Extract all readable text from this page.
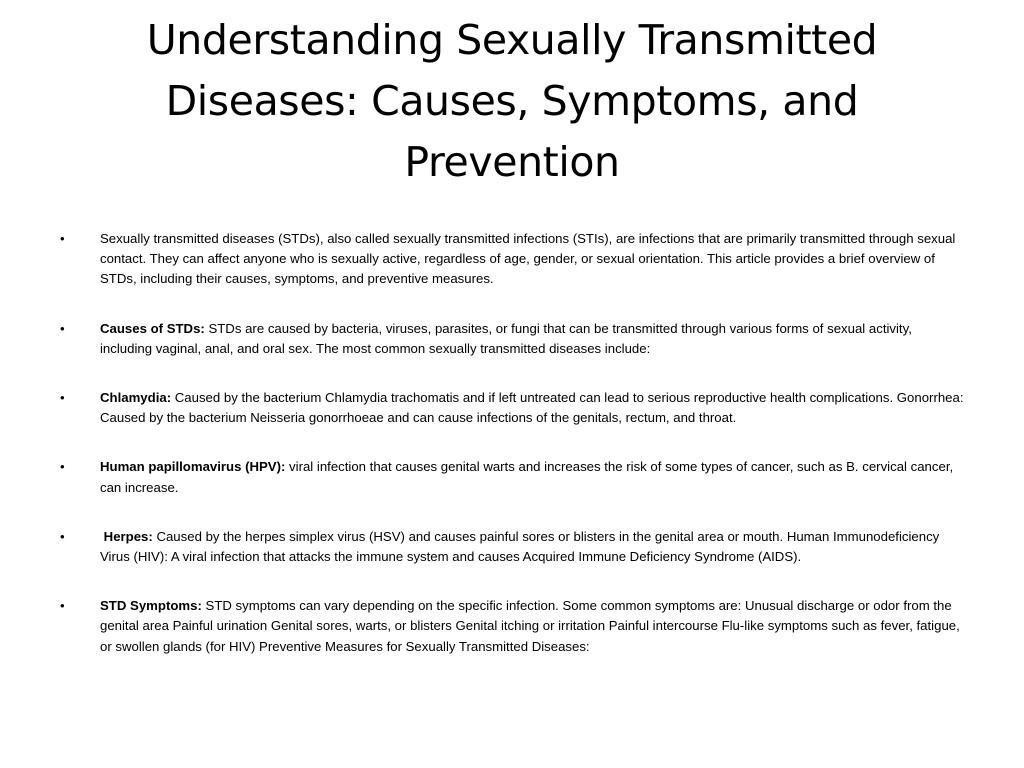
Understanding Sexually Transmitted Diseases: Causes, Symptoms, and Prevention
•	Sexually transmitted diseases (STDs), also called sexually transmitted infections (STIs), are infections that are primarily transmitted through sexual contact. They can affect anyone who is sexually active, regardless of age, gender, or sexual orientation. This article provides a brief overview of STDs, including their causes, symptoms, and preventive measures.
•	Causes of STDs: STDs are caused by bacteria, viruses, parasites, or fungi that can be transmitted through various forms of sexual activity, including vaginal, anal, and oral sex. The most common sexually transmitted diseases include:
•	Chlamydia: Caused by the bacterium Chlamydia trachomatis and if left untreated can lead to serious reproductive health complications. Gonorrhea: Caused by the bacterium Neisseria gonorrhoeae and can cause infections of the genitals, rectum, and throat.
•	Human papillomavirus (HPV): viral infection that causes genital warts and increases the risk of some types of cancer, such as B. cervical cancer, can increase.
•	Herpes: Caused by the herpes simplex virus (HSV) and causes painful sores or blisters in the genital area or mouth. Human Immunodeficiency Virus (HIV): A viral infection that attacks the immune system and causes Acquired Immune Deficiency Syndrome (AIDS).
•	STD Symptoms: STD symptoms can vary depending on the specific infection. Some common symptoms are: Unusual discharge or odor from the genital area Painful urination Genital sores, warts, or blisters Genital itching or irritation Painful intercourse Flu-like symptoms such as fever, fatigue, or swollen glands (for HIV) Preventive Measures for Sexually Transmitted Diseases:
